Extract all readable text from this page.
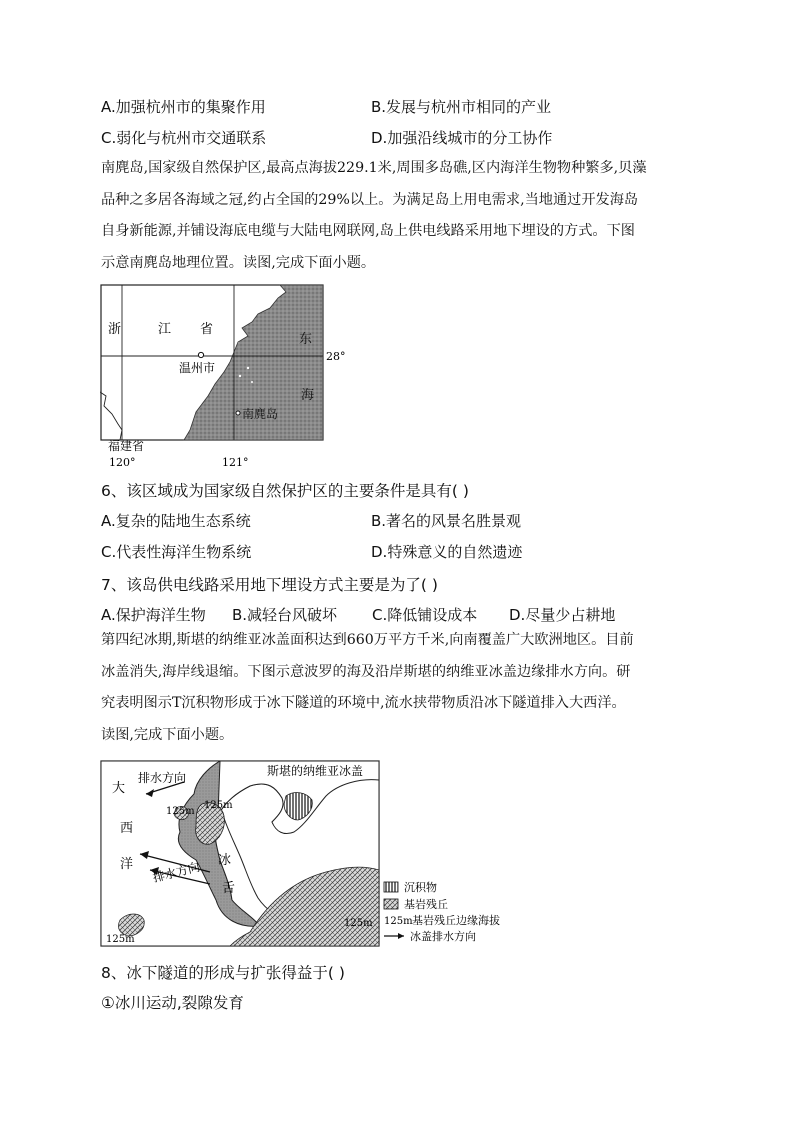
A.加强杭州市的集聚作用	B.发展与杭州市相同的产业
C.弱化与杭州市交通联系	D.加强沿线城市的分工协作
南麂岛,国家级自然保护区,最高点海拔229.1米,周围多岛礁,区内海洋生物物种繁多,贝藻
品种之多居各海域之冠,约占全国的29%以上。为满足岛上用电需求,当地通过开发海岛
自身新能源,并铺设海底电缆与大陆电网联网,岛上供电线路采用地下埋设的方式。下图
示意南麂岛地理位置。读图,完成下面小题。
浙	江 省
东
海
温州市
南麂岛
福建省
28°
120°	121°
6、该区域成为国家级自然保护区的主要条件是具有( )
A.复杂的陆地生态系统	B.著名的风景名胜景观
C.代表性海洋生物系统	D.特殊意义的自然遗迹
7、该岛供电线路采用地下埋设方式主要是为了( )
A.保护海洋生物 B.减轻台风破坏 C.降低铺设成本 D.尽量少占耕地
第四纪冰期,斯堪的纳维亚冰盖面积达到660万平方千米,向南覆盖广大欧洲地区。目前
冰盖消失,海岸线退缩。下图示意波罗的海及沿岸斯堪的纳维亚冰盖边缘排水方向。研
究表明图示T沉积物形成于冰下隧道的环境中,流水挟带物质沿冰下隧道排入大西洋。
读图,完成下面小题。
斯堪的纳维亚冰盖
大
西
洋
排水方向
排水方向 冰
舌
125m
125m
125m
125m
沉积物
基岩残丘
125m 基岩残丘边缘海拔
冰盖排水方向
8、冰下隧道的形成与扩张得益于( )
①冰川运动,裂隙发育
